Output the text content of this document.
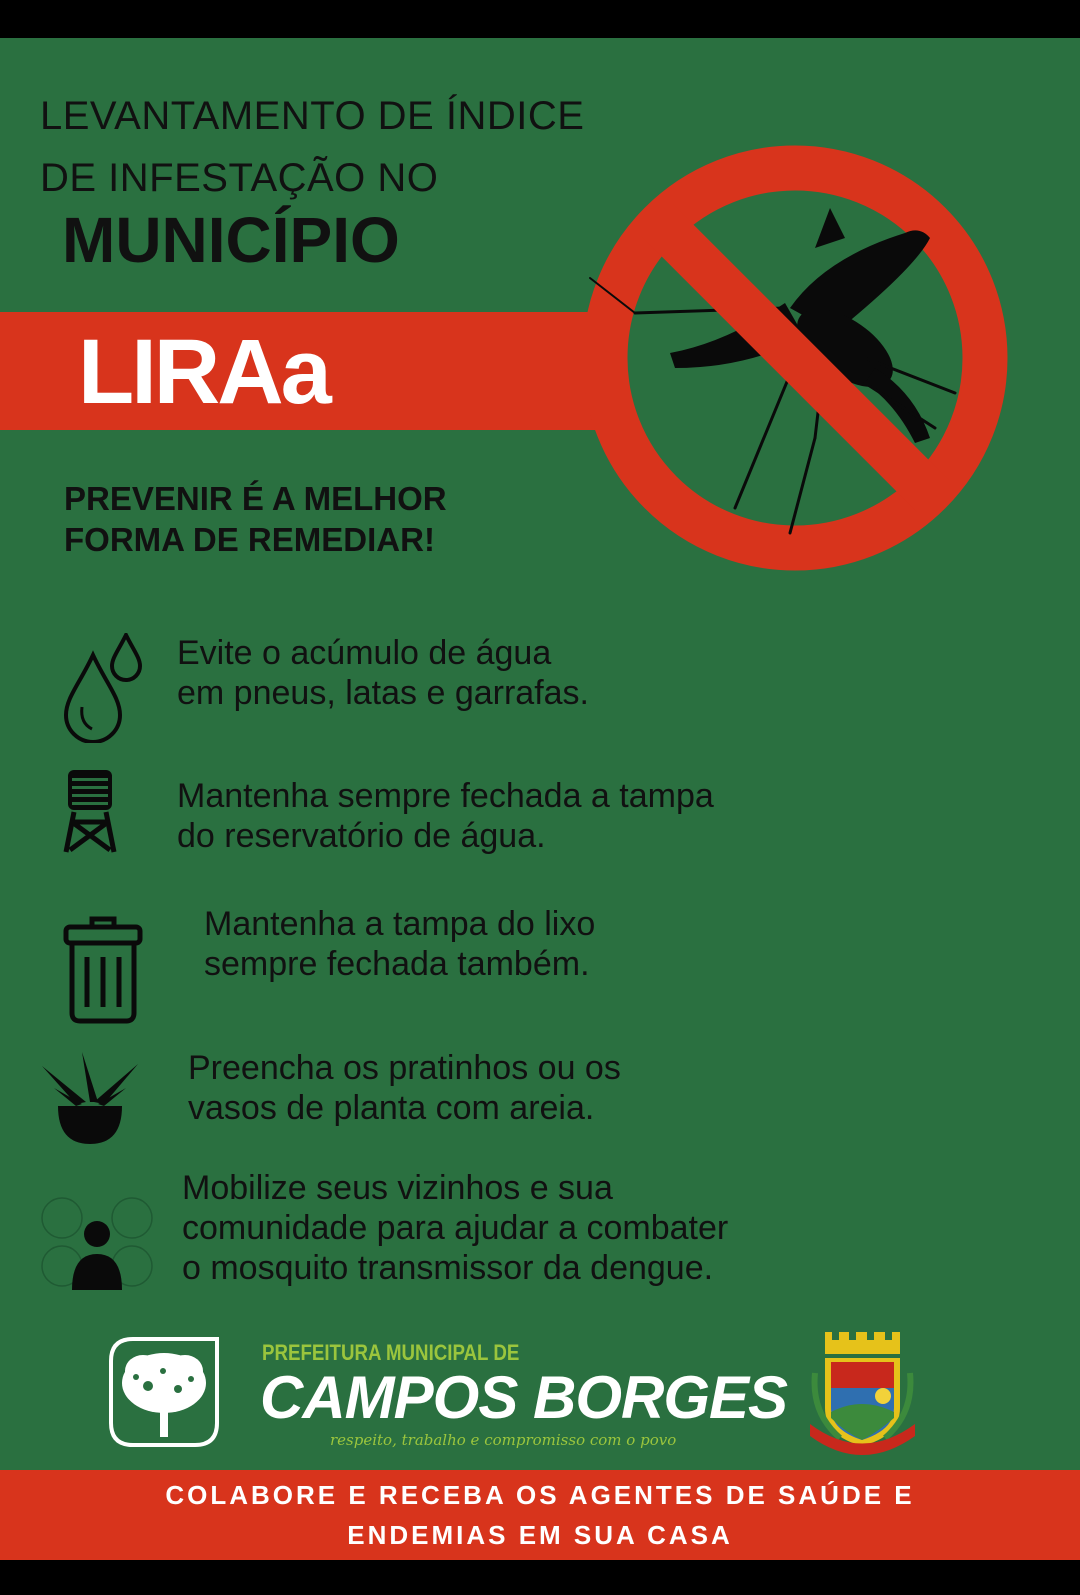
LEVANTAMENTO DE ÍNDICE
DE INFESTAÇÃO NO
MUNICÍPIO
LIRAa
PREVENIR É A MELHOR
FORMA DE REMEDIAR!
Evite o acúmulo de água
em pneus, latas e garrafas.
Mantenha sempre fechada a tampa
do reservatório de água.
Mantenha a tampa do lixo
sempre fechada também.
Preencha os pratinhos ou os
vasos de planta com areia.
Mobilize seus vizinhos e sua
comunidade para ajudar a combater
o mosquito transmissor da dengue.
PREFEITURA MUNICIPAL DE
CAMPOS BORGES
respeito, trabalho e compromisso com o povo
COLABORE E RECEBA OS AGENTES DE SAÚDE E
ENDEMIAS EM SUA CASA
